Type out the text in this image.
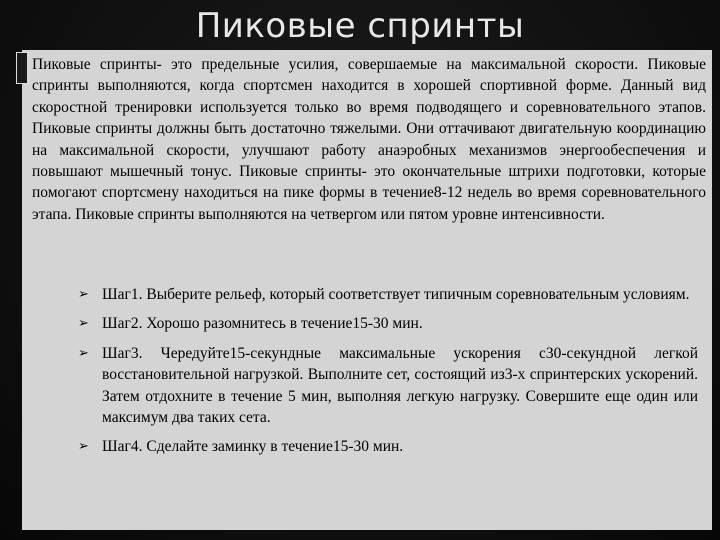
Пиковые спринты
Пиковые спринты- это предельные усилия, совершаемые на максимальной скорости. Пиковые спринты выполняются, когда спортсмен находится в хорошей спортивной форме. Данный вид скоростной тренировки используется только во время подводящего и соревновательного этапов. Пиковые спринты должны быть достаточно тяжелыми. Они оттачивают двигательную координацию на максимальной скорости, улучшают работу анаэробных механизмов энергообеспечения и повышают мышечный тонус. Пиковые спринты- это окончательные штрихи подготовки, которые помогают спортсмену находиться на пике формы в течение8-12 недель во время соревновательного этапа. Пиковые спринты выполняются на четвергом или пятом уровне интенсивности.
➢ Шаг1. Выберите рельеф, который соответствует типичным соревновательным условиям.
➢ Шаг2. Хорошо разомнитесь в течение15-30 мин.
➢ Шаг3. Чередуйте15-секундные максимальные ускорения с30-секундной легкой восстановительной нагрузкой. Выполните сет, состоящий из3-х спринтерских ускорений. Затем отдохните в течение 5 мин, выполняя легкую нагрузку. Совершите еще один или максимум два таких сета.
➢ Шаг4. Сделайте заминку в течение15-30 мин.
